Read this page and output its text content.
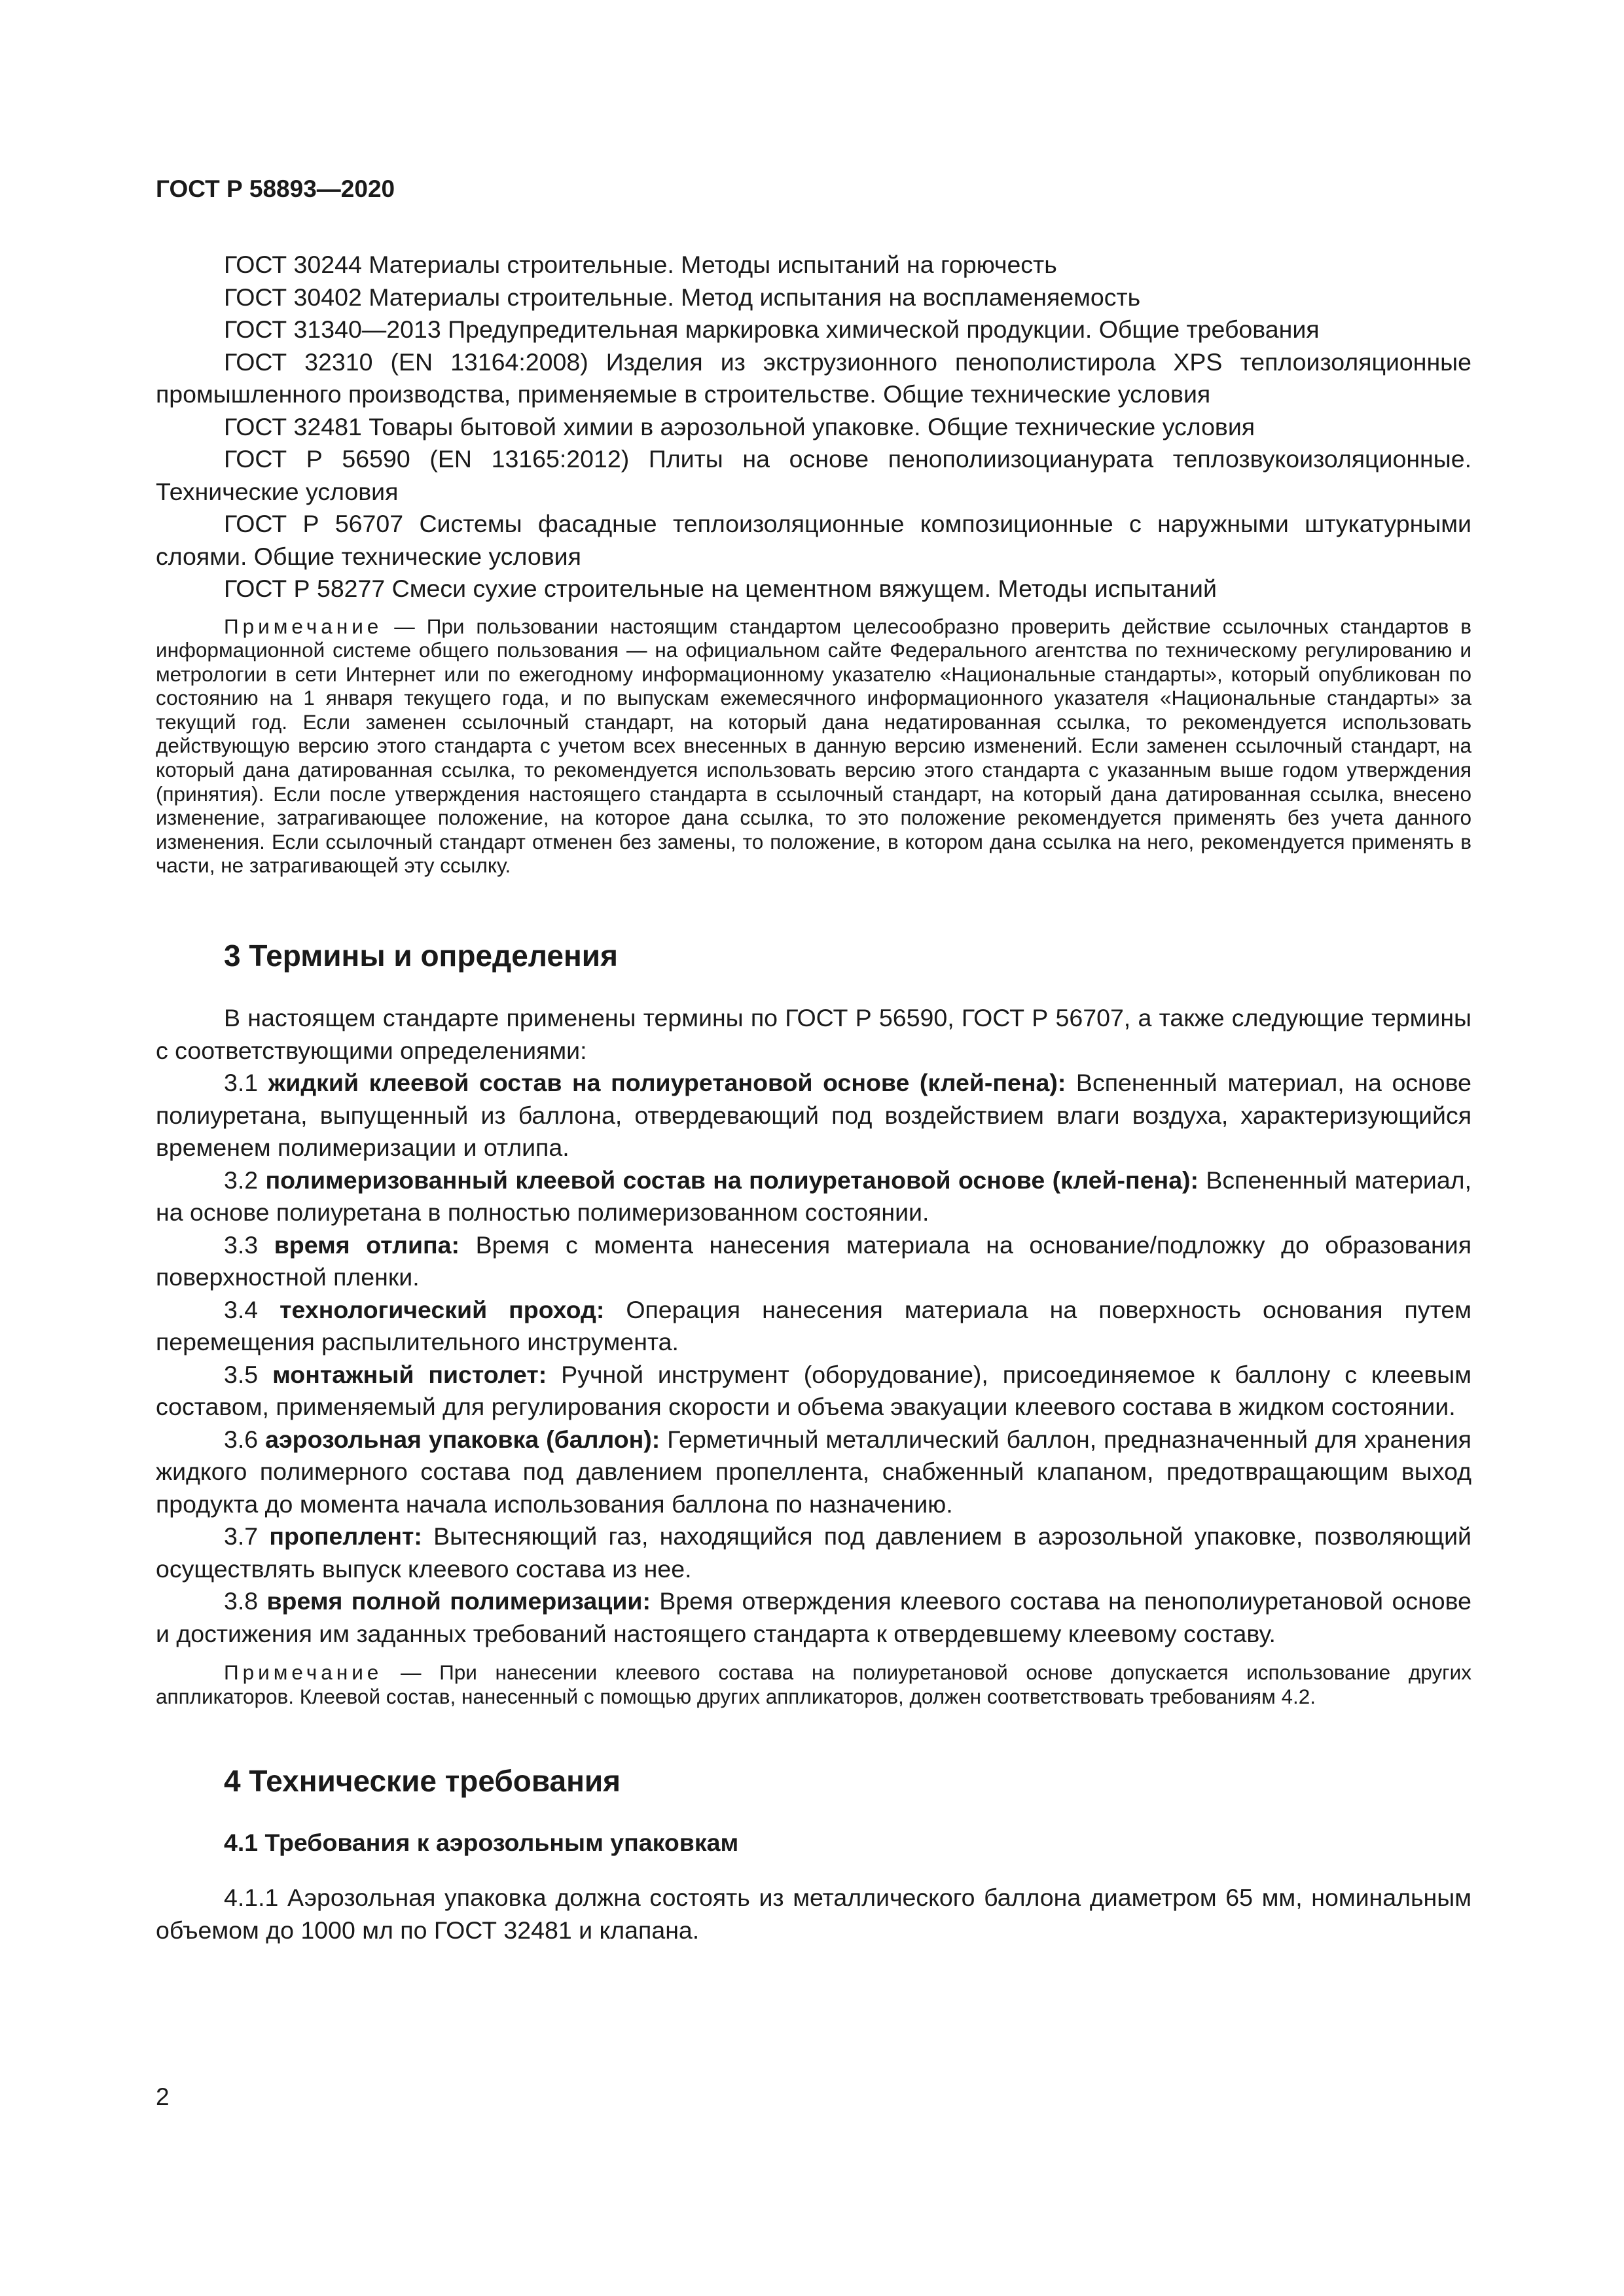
ГОСТ Р 58893—2020

ГОСТ 30244 Материалы строительные. Методы испытаний на горючесть

ГОСТ 30402 Материалы строительные. Метод испытания на воспламеняемость

ГОСТ 31340—2013 Предупредительная маркировка химической продукции. Общие требования

ГОСТ 32310 (EN 13164:2008) Изделия из экструзионного пенополистирола XPS теплоизоляционные промышленного производства, применяемые в строительстве. Общие технические условия

ГОСТ 32481 Товары бытовой химии в аэрозольной упаковке. Общие технические условия

ГОСТ Р 56590 (EN 13165:2012) Плиты на основе пенополиизоцианурата теплозвукоизоляционные. Технические условия

ГОСТ Р 56707 Системы фасадные теплоизоляционные композиционные с наружными штукатурными слоями. Общие технические условия

ГОСТ Р 58277 Смеси сухие строительные на цементном вяжущем. Методы испытаний

Примечание — При пользовании настоящим стандартом целесообразно проверить действие ссылочных стандартов в информационной системе общего пользования — на официальном сайте Федерального агентства по техническому регулированию и метрологии в сети Интернет или по ежегодному информационному указателю «Национальные стандарты», который опубликован по состоянию на 1 января текущего года, и по выпускам ежемесячного информационного указателя «Национальные стандарты» за текущий год. Если заменен ссылочный стандарт, на который дана недатированная ссылка, то рекомендуется использовать действующую версию этого стандарта с учетом всех внесенных в данную версию изменений. Если заменен ссылочный стандарт, на который дана датированная ссылка, то рекомендуется использовать версию этого стандарта с указанным выше годом утверждения (принятия). Если после утверждения настоящего стандарта в ссылочный стандарт, на который дана датированная ссылка, внесено изменение, затрагивающее положение, на которое дана ссылка, то это положение рекомендуется применять без учета данного изменения. Если ссылочный стандарт отменен без замены, то положение, в котором дана ссылка на него, рекомендуется применять в части, не затрагивающей эту ссылку.

3 Термины и определения

В настоящем стандарте применены термины по ГОСТ Р 56590, ГОСТ Р 56707, а также следующие термины с соответствующими определениями:

3.1 жидкий клеевой состав на полиуретановой основе (клей-пена): Вспененный материал, на основе полиуретана, выпущенный из баллона, отвердевающий под воздействием влаги воздуха, характеризующийся временем полимеризации и отлипа.

3.2 полимеризованный клеевой состав на полиуретановой основе (клей-пена): Вспененный материал, на основе полиуретана в полностью полимеризованном состоянии.

3.3 время отлипа: Время с момента нанесения материала на основание/подложку до образования поверхностной пленки.

3.4 технологический проход: Операция нанесения материала на поверхность основания путем перемещения распылительного инструмента.

3.5 монтажный пистолет: Ручной инструмент (оборудование), присоединяемое к баллону с клеевым составом, применяемый для регулирования скорости и объема эвакуации клеевого состава в жидком состоянии.

3.6 аэрозольная упаковка (баллон): Герметичный металлический баллон, предназначенный для хранения жидкого полимерного состава под давлением пропеллента, снабженный клапаном, предотвращающим выход продукта до момента начала использования баллона по назначению.

3.7 пропеллент: Вытесняющий газ, находящийся под давлением в аэрозольной упаковке, позволяющий осуществлять выпуск клеевого состава из нее.

3.8 время полной полимеризации: Время отверждения клеевого состава на пенополиуретановой основе и достижения им заданных требований настоящего стандарта к отвердевшему клеевому составу.

Примечание — При нанесении клеевого состава на полиуретановой основе допускается использование других аппликаторов. Клеевой состав, нанесенный с помощью других аппликаторов, должен соответствовать требованиям 4.2.

4 Технические требования
4.1 Требования к аэрозольным упаковкам

4.1.1 Аэрозольная упаковка должна состоять из металлического баллона диаметром 65 мм, номинальным объемом до 1000 мл по ГОСТ 32481 и клапана.

2
